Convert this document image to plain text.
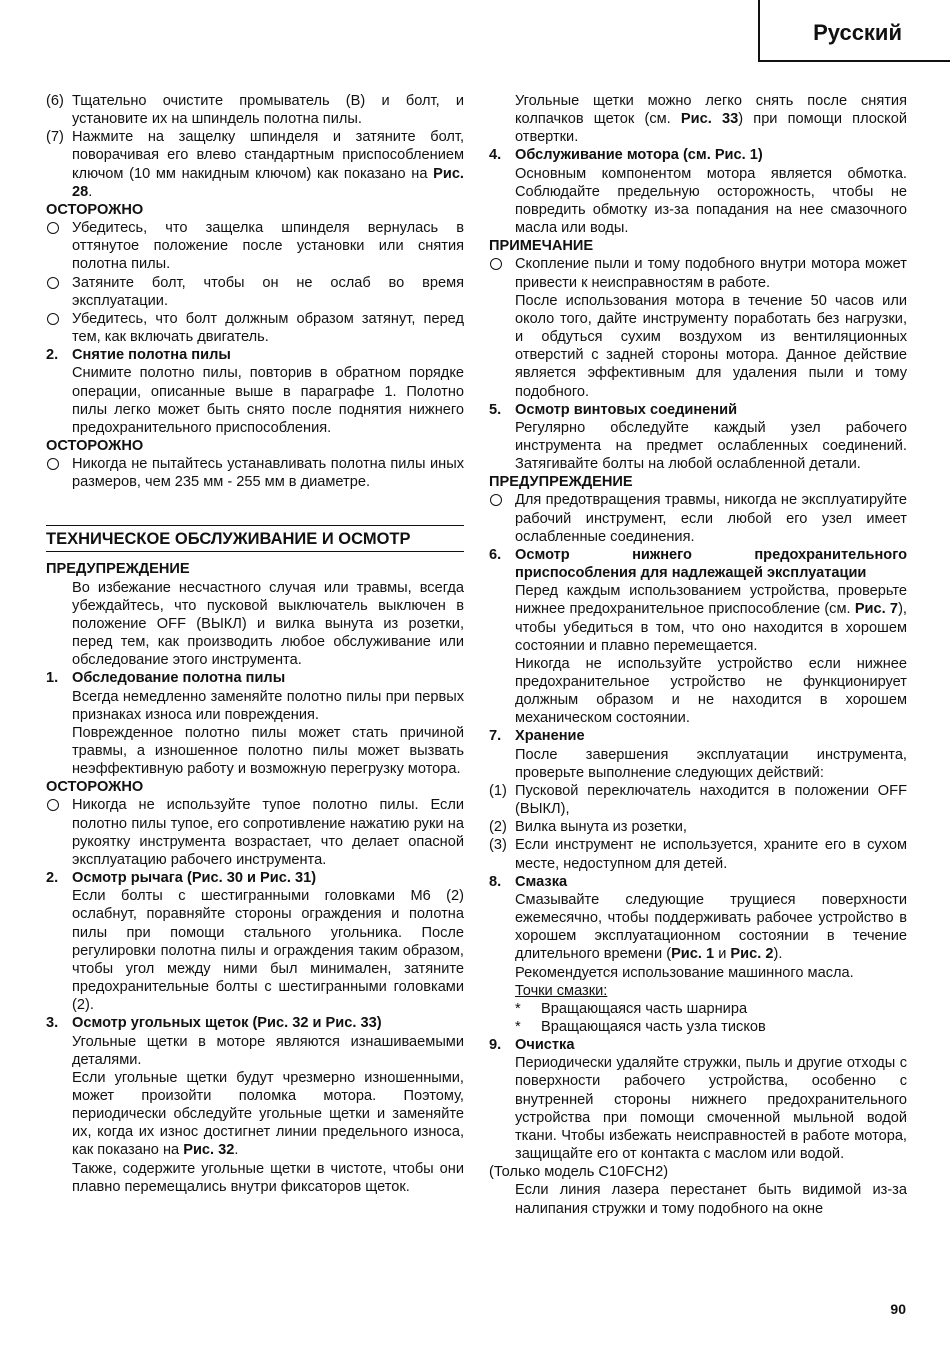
Русский
(6) Тщательно очистите промыватель (В) и болт, и установите их на шпиндель полотна пилы.
(7) Нажмите на защелку шпинделя и затяните болт, поворачивая его влево стандартным приспособлением ключом (10 мм накидным ключом) как показано на Рис. 28.
ОСТОРОЖНО
Убедитесь, что защелка шпинделя вернулась в оттянутое положение после установки или снятия полотна пилы.
Затяните болт, чтобы он не ослаб во время эксплуатации.
Убедитесь, что болт должным образом затянут, перед тем, как включать двигатель.
2. Снятие полотна пилы
Снимите полотно пилы, повторив в обратном порядке операции, описанные выше в параграфе 1. Полотно пилы легко может быть снято после поднятия нижнего предохранительного приспособления.
ОСТОРОЖНО
Никогда не пытайтесь устанавливать полотна пилы иных размеров, чем 235 мм - 255 мм в диаметре.
ТЕХНИЧЕСКОЕ ОБСЛУЖИВАНИЕ И ОСМОТР
ПРЕДУПРЕЖДЕНИЕ
Во избежание несчастного случая или травмы, всегда убеждайтесь, что пусковой выключатель выключен в положение OFF (ВЫКЛ) и вилка вынута из розетки, перед тем, как производить любое обслуживание или обследование этого инструмента.
1. Обследование полотна пилы
Всегда немедленно заменяйте полотно пилы при первых признаках износа или повреждения.
Поврежденное полотно пилы может стать причиной травмы, а изношенное полотно пилы может вызвать неэффективную работу и возможную перегрузку мотора.
ОСТОРОЖНО
Никогда не используйте тупое полотно пилы. Если полотно пилы тупое, его сопротивление нажатию руки на рукоятку инструмента возрастает, что делает опасной эксплуатацию рабочего инструмента.
2. Осмотр рычага (Рис. 30 и Рис. 31)
Если болты с шестигранными головками М6 (2) ослабнут, поравняйте стороны ограждения и полотна пилы при помощи стального угольника. После регулировки полотна пилы и ограждения таким образом, чтобы угол между ними был минимален, затяните предохранительные болты с шестигранными головками (2).
3. Осмотр угольных щеток (Рис. 32 и Рис. 33)
Угольные щетки в моторе являются изнашиваемыми деталями.
Если угольные щетки будут чрезмерно изношенными, может произойти поломка мотора. Поэтому, периодически обследуйте угольные щетки и заменяйте их, когда их износ достигнет линии предельного износа, как показано на Рис. 32.
Также, содержите угольные щетки в чистоте, чтобы они плавно перемещались внутри фиксаторов щеток.
Угольные щетки можно легко снять после снятия колпачков щеток (см. Рис. 33) при помощи плоской отвертки.
4. Обслуживание мотора (см. Рис. 1)
Основным компонентом мотора является обмотка. Соблюдайте предельную осторожность, чтобы не повредить обмотку из-за попадания на нее смазочного масла или воды.
ПРИМЕЧАНИЕ
Скопление пыли и тому подобного внутри мотора может привести к неисправностям в работе.
После использования мотора в течение 50 часов или около того, дайте инструменту поработать без нагрузки, и обдуться сухим воздухом из вентиляционных отверстий с задней стороны мотора. Данное действие является эффективным для удаления пыли и тому подобного.
5. Осмотр винтовых соединений
Регулярно обследуйте каждый узел рабочего инструмента на предмет ослабленных соединений. Затягивайте болты на любой ослабленной детали.
ПРЕДУПРЕЖДЕНИЕ
Для предотвращения травмы, никогда не эксплуатируйте рабочий инструмент, если любой его узел имеет ослабленные соединения.
6. Осмотр нижнего предохранительного приспособления для надлежащей эксплуатации
Перед каждым использованием устройства, проверьте нижнее предохранительное приспособление (см. Рис. 7), чтобы убедиться в том, что оно находится в хорошем состоянии и плавно перемещается.
Никогда не используйте устройство если нижнее предохранительное устройство не функционирует должным образом и не находится в хорошем механическом состоянии.
7. Хранение
После завершения эксплуатации инструмента, проверьте выполнение следующих действий:
(1) Пусковой переключатель находится в положении OFF (ВЫКЛ),
(2) Вилка вынута из розетки,
(3) Если инструмент не используется, храните его в сухом месте, недоступном для детей.
8. Смазка
Смазывайте следующие трущиеся поверхности ежемесячно, чтобы поддерживать рабочее устройство в хорошем эксплуатационном состоянии в течение длительного времени (Рис. 1 и Рис. 2).
Рекомендуется использование машинного масла.
Точки смазки:
* Вращающаяся часть шарнира
* Вращающаяся часть узла тисков
9. Очистка
Периодически удаляйте стружки, пыль и другие отходы с поверхности рабочего устройства, особенно с внутренней стороны нижнего предохранительного устройства при помощи смоченной мыльной водой ткани. Чтобы избежать неисправностей в работе мотора, защищайте его от контакта с маслом или водой.
(Только модель C10FCH2)
Если линия лазера перестанет быть видимой из-за налипания стружки и тому подобного на окне
90
